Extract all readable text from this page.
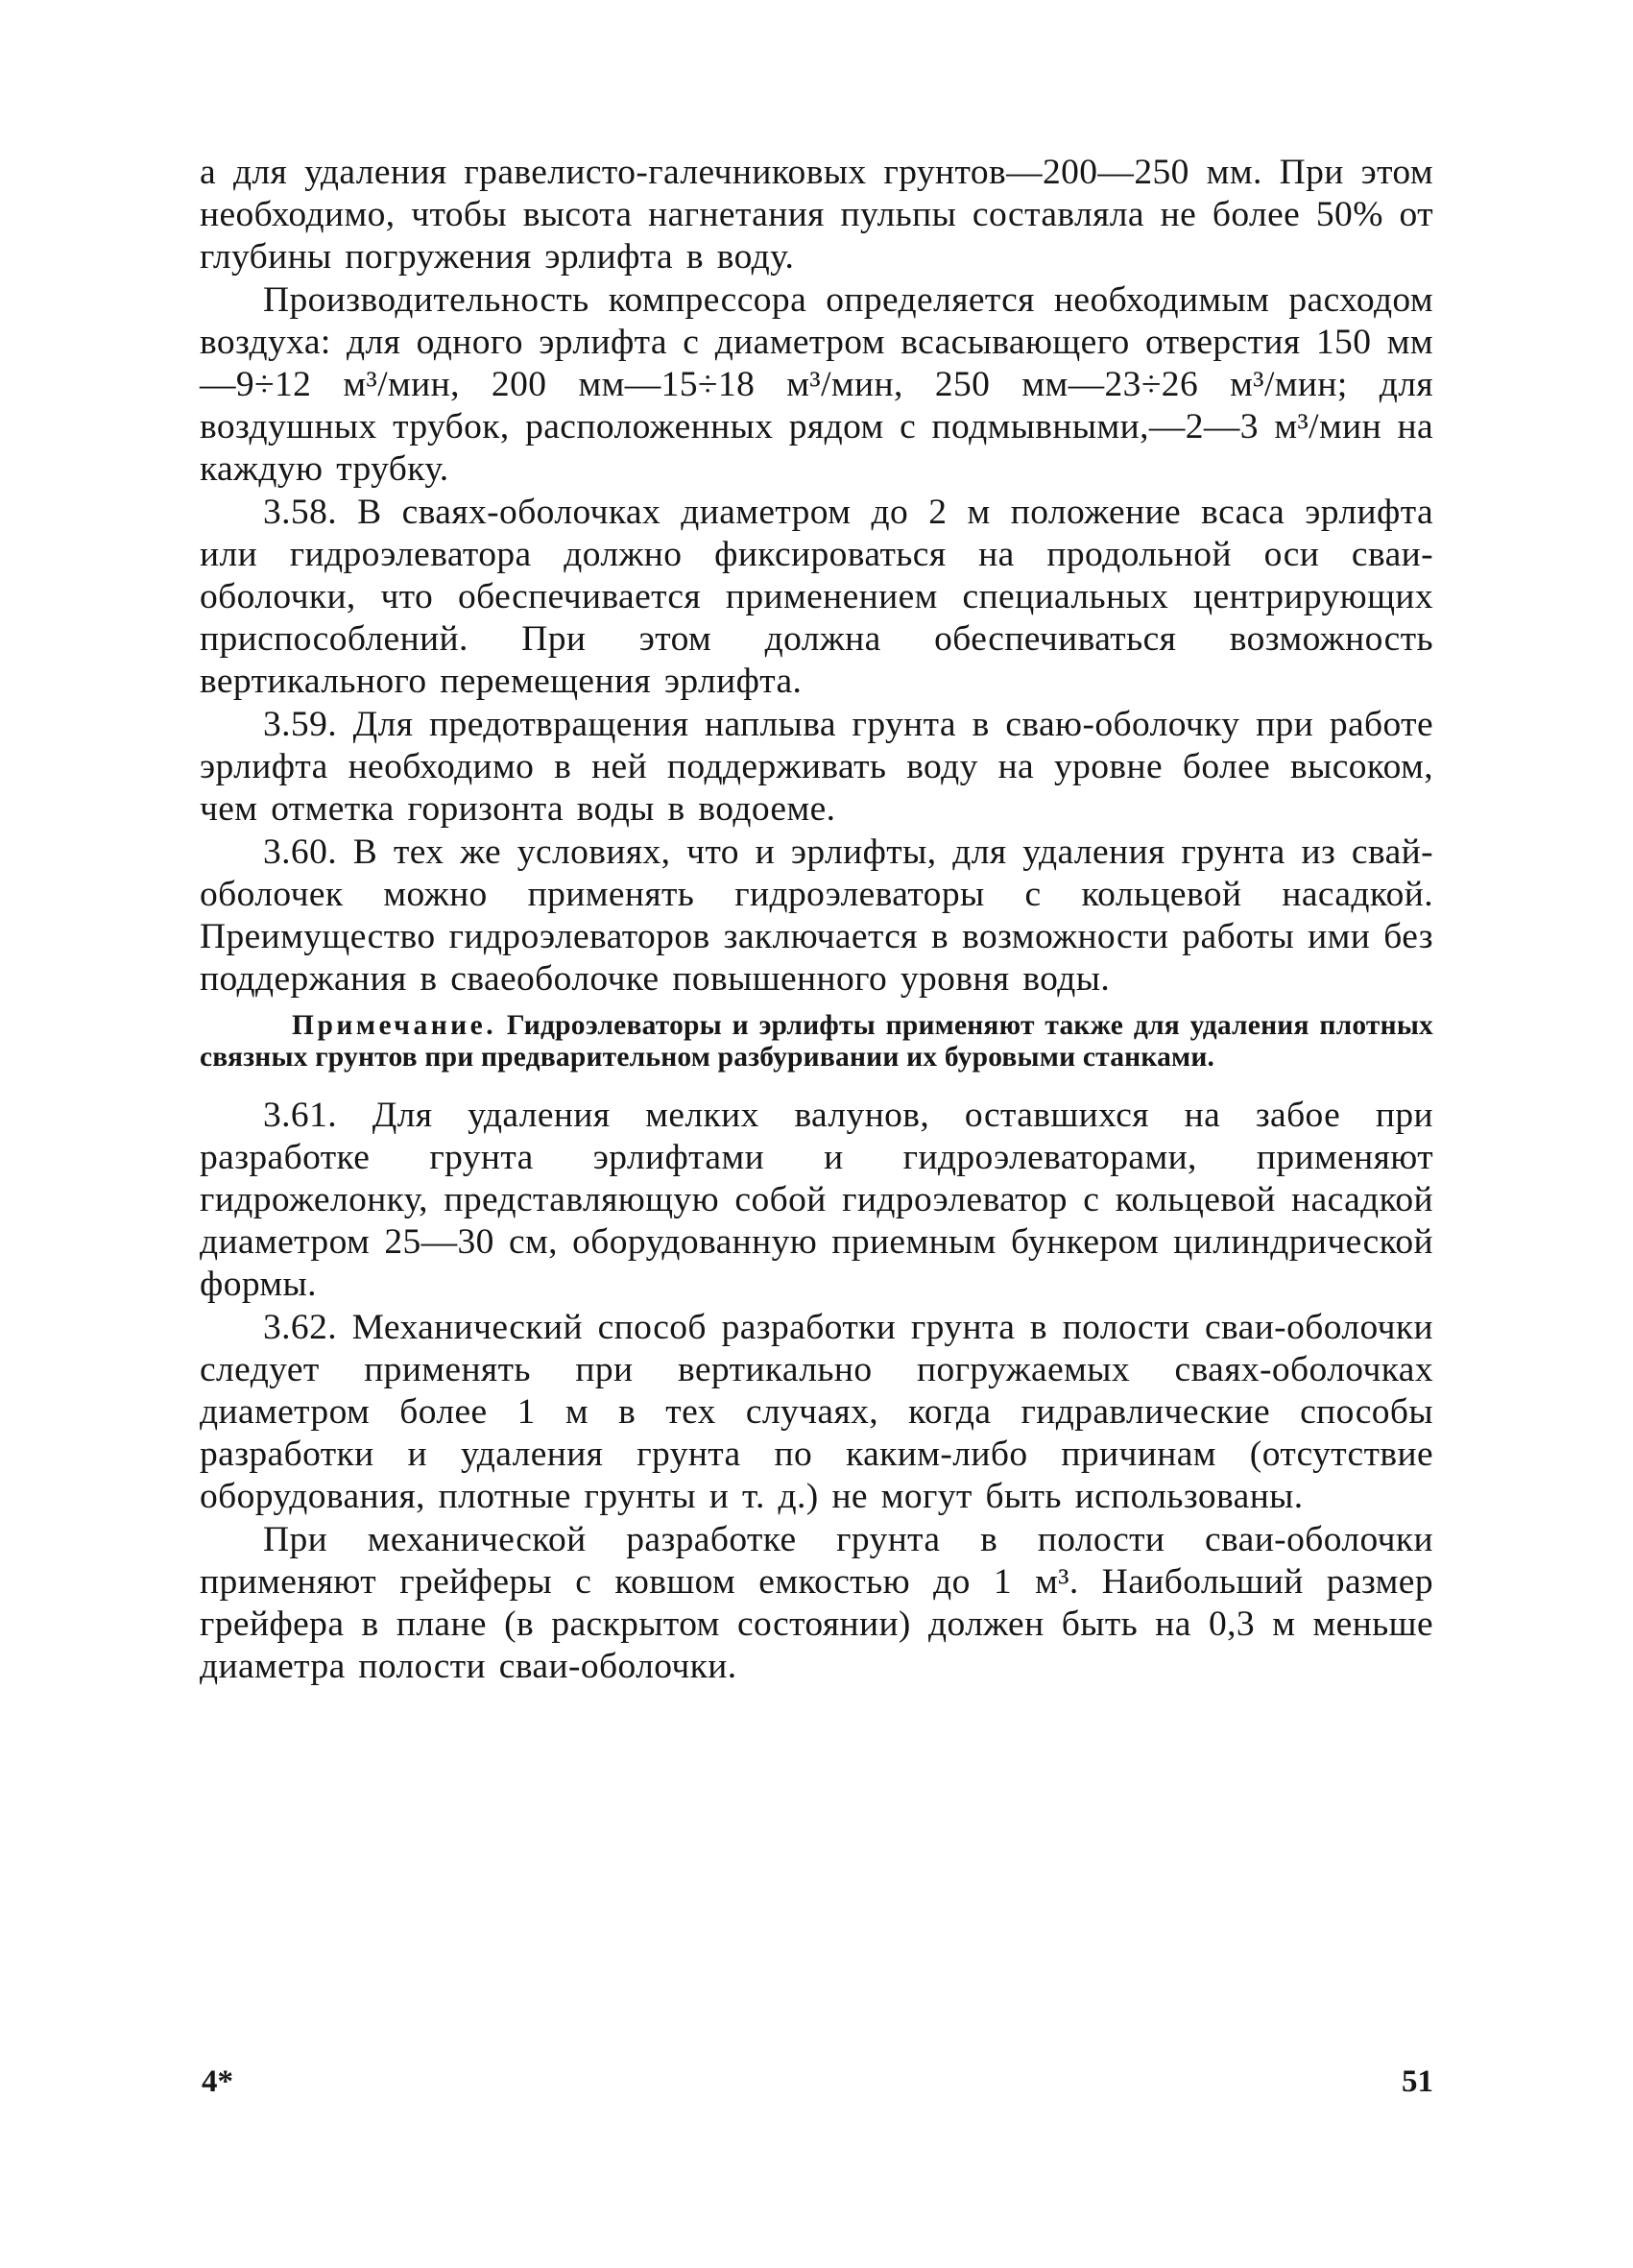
а для удаления гравелисто-галечниковых грунтов—200—250 мм. При этом необходимо, чтобы высота нагнетания пульпы составляла не более 50% от глубины погружения эрлифта в воду.

Производительность компрессора определяется необходимым расходом воздуха: для одного эрлифта с диаметром всасывающего отверстия 150 мм—9÷12 м³/мин, 200 мм—15÷18 м³/мин, 250 мм—23÷26 м³/мин; для воздушных трубок, расположенных рядом с подмывными,—2—3 м³/мин на каждую трубку.

3.58. В сваях-оболочках диаметром до 2 м положение всаса эрлифта или гидроэлеватора должно фиксироваться на продольной оси сваи-оболочки, что обеспечивается применением специальных центрирующих приспособлений. При этом должна обеспечиваться возможность вертикального перемещения эрлифта.

3.59. Для предотвращения наплыва грунта в сваю-оболочку при работе эрлифта необходимо в ней поддерживать воду на уровне более высоком, чем отметка горизонта воды в водоеме.

3.60. В тех же условиях, что и эрлифты, для удаления грунта из свай-оболочек можно применять гидроэлеваторы с кольцевой насадкой. Преимущество гидроэлеваторов заключается в возможности работы ими без поддержания в сваеоболочке повышенного уровня воды.

Примечание. Гидроэлеваторы и эрлифты применяют также для удаления плотных связных грунтов при предварительном разбуривании их буровыми станками.

3.61. Для удаления мелких валунов, оставшихся на забое при разработке грунта эрлифтами и гидроэлеваторами, применяют гидрожелонку, представляющую собой гидроэлеватор с кольцевой насадкой диаметром 25—30 см, оборудованную приемным бункером цилиндрической формы.

3.62. Механический способ разработки грунта в полости сваи-оболочки следует применять при вертикально погружаемых сваях-оболочках диаметром более 1 м в тех случаях, когда гидравлические способы разработки и удаления грунта по каким-либо причинам (отсутствие оборудования, плотные грунты и т. д.) не могут быть использованы.

При механической разработке грунта в полости сваи-оболочки применяют грейферы с ковшом емкостью до 1 м³. Наибольший размер грейфера в плане (в раскрытом состоянии) должен быть на 0,3 м меньше диаметра полости сваи-оболочки.

4*	51
